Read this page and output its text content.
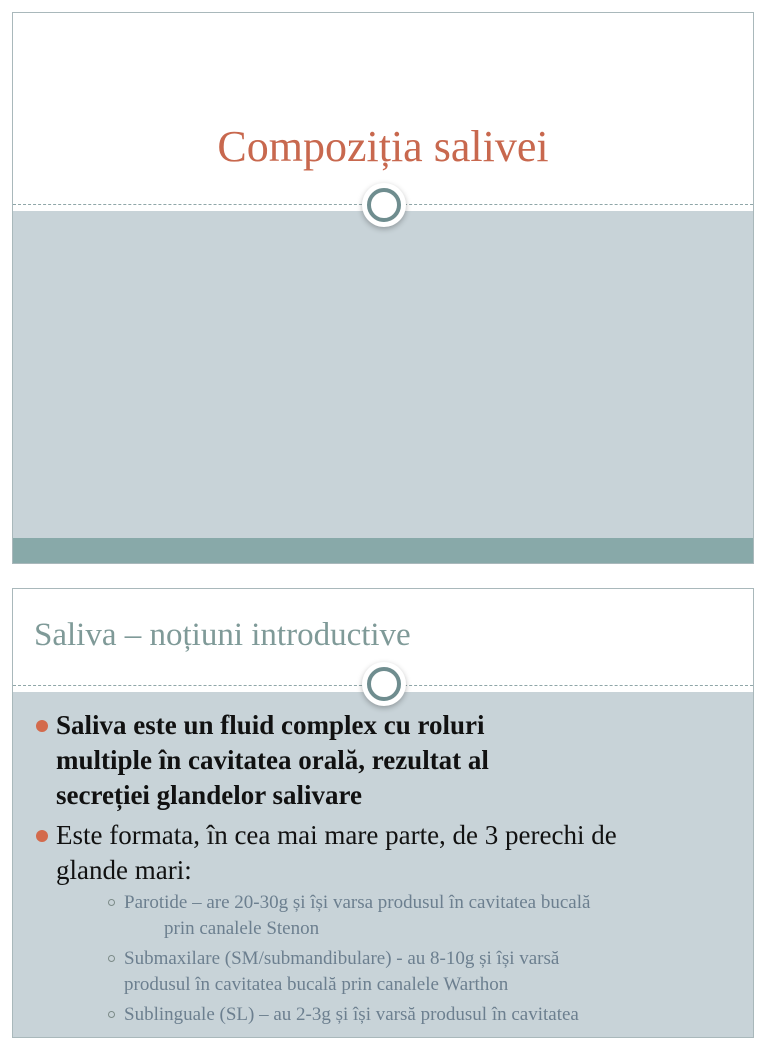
Compoziția salivei
Saliva – noțiuni introductive
Saliva este un fluid complex cu roluri
multiple în cavitatea orală, rezultat al
secreției glandelor salivare
Este formata, în cea mai mare parte, de 3 perechi de
glande mari:
Parotide – are 20-30g și își varsa produsul în cavitatea bucală
prin canalele Stenon
Submaxilare (SM/submandibulare) - au 8-10g și își varsă
produsul în cavitatea bucală prin canalele Warthon
Sublinguale (SL) – au 2-3g și își varsă produsul în cavitatea
